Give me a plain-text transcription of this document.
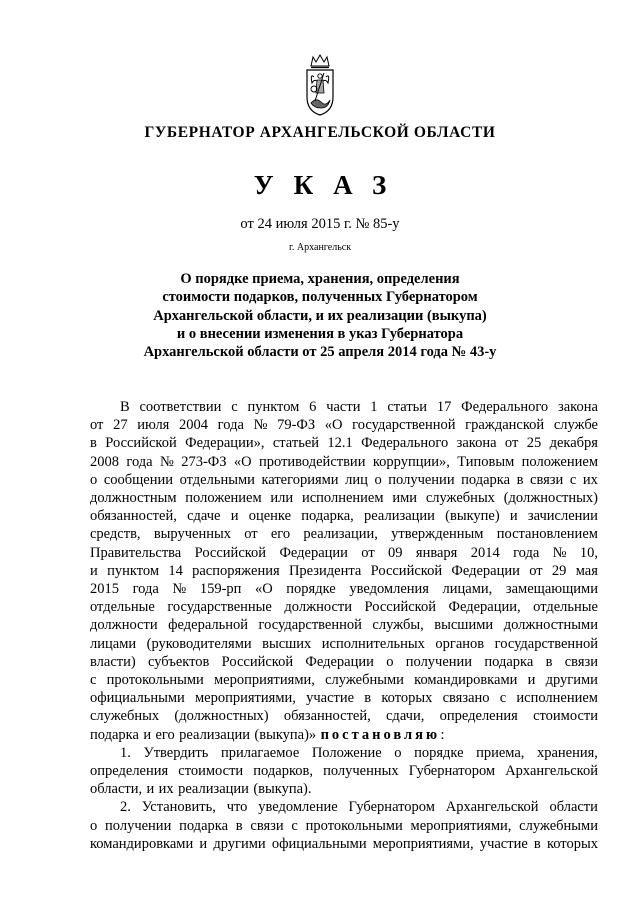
ГУБЕРНАТОР АРХАНГЕЛЬСКОЙ ОБЛАСТИ
УКАЗ
от 24 июля 2015 г. № 85-у
г. Архангельск
О порядке приема, хранения, определения
стоимости подарков, полученных Губернатором
Архангельской области, и их реализации (выкупа)
и о внесении изменения в указ Губернатора
Архангельской области от 25 апреля 2014 года № 43-у
В соответствии с пунктом 6 части 1 статьи 17 Федерального закона
от 27 июля 2004 года № 79-ФЗ «О государственной гражданской службе
в Российской Федерации», статьей 12.1 Федерального закона от 25 декабря
2008 года № 273-ФЗ «О противодействии коррупции», Типовым положением
о сообщении отдельными категориями лиц о получении подарка в связи с их
должностным положением или исполнением ими служебных (должностных)
обязанностей, сдаче и оценке подарка, реализации (выкупе) и зачислении
средств, вырученных от его реализации, утвержденным постановлением
Правительства Российской Федерации от 09 января 2014 года № 10,
и пунктом 14 распоряжения Президента Российской Федерации от 29 мая
2015 года № 159-рп «О порядке уведомления лицами, замещающими
отдельные государственные должности Российской Федерации, отдельные
должности федеральной государственной службы, высшими должностными
лицами (руководителями высших исполнительных органов государственной
власти) субъектов Российской Федерации о получении подарка в связи
с протокольными мероприятиями, служебными командировками и другими
официальными мероприятиями, участие в которых связано с исполнением
служебных (должностных) обязанностей, сдачи, определения стоимости
подарка и его реализации (выкупа)» постановляю :
1. Утвердить прилагаемое Положение о порядке приема, хранения,
определения стоимости подарков, полученных Губернатором Архангельской
области, и их реализации (выкупа).
2. Установить, что уведомление Губернатором Архангельской области
о получении подарка в связи с протокольными мероприятиями, служебными
командировками и другими официальными мероприятиями, участие в которых
